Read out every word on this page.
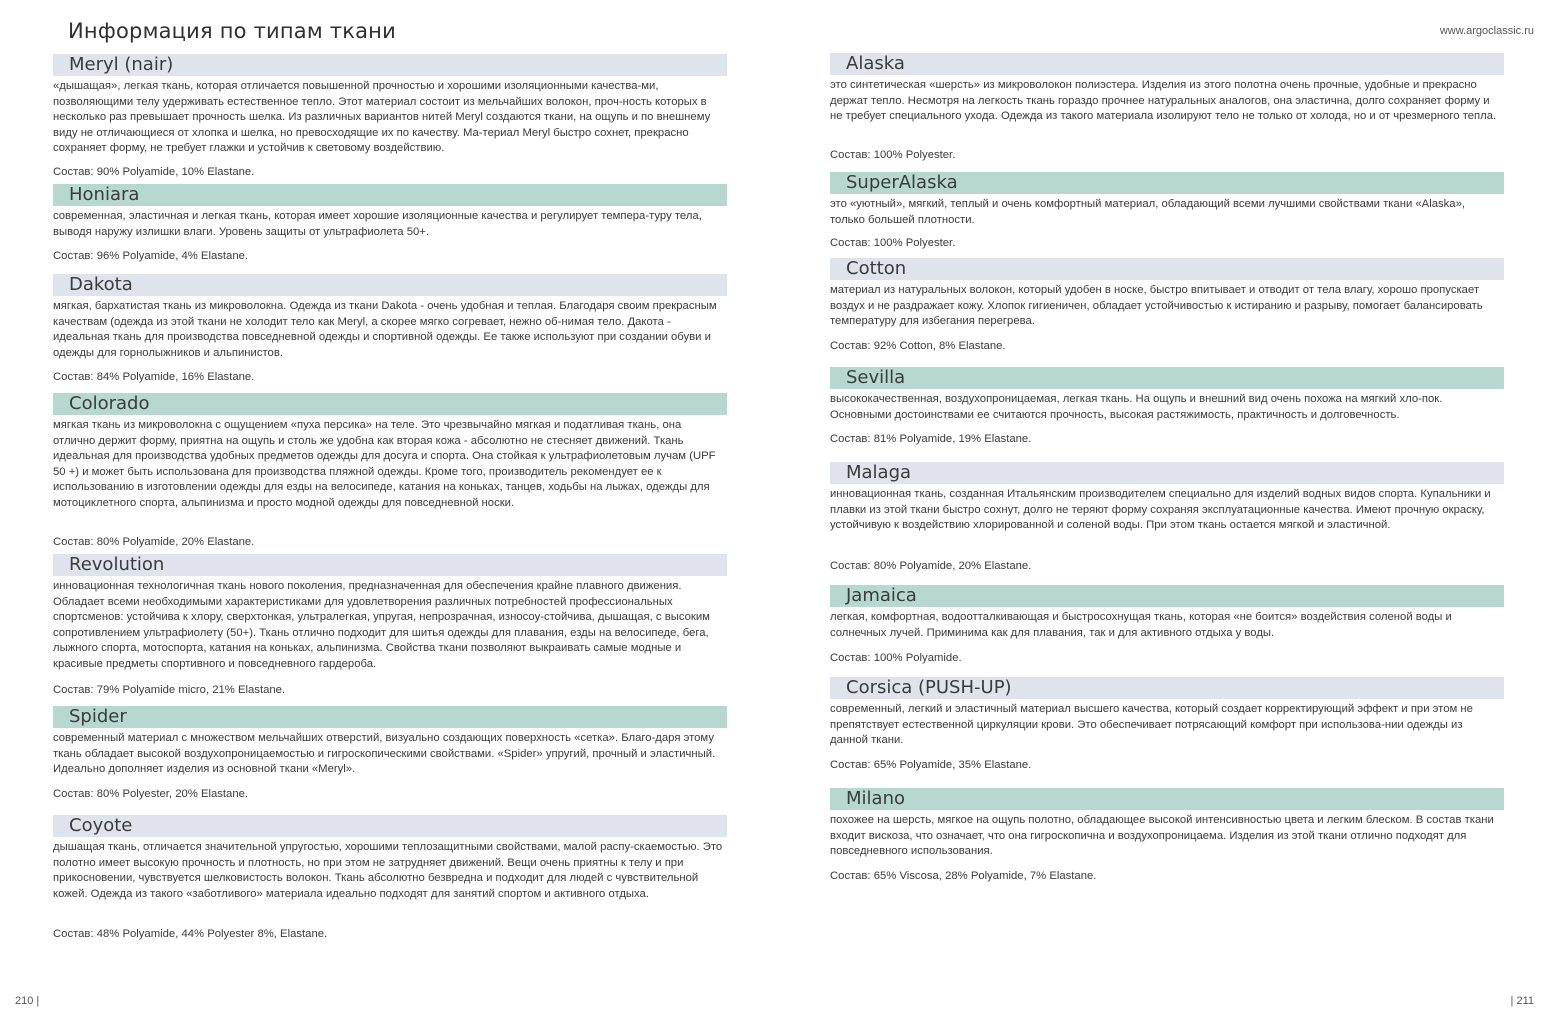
Информация по типам ткани	www.argoclassic.ru
Meryl (nair)
«дышащая», легкая ткань, которая отличается повышенной прочностью и хорошими изоляционными качества-ми, позволяющими телу удерживать естественное тепло. Этот материал состоит из мельчайших волокон, проч-ность которых в несколько раз превышает прочность шелка. Из различных вариантов нитей Meryl создаются ткани, на ощупь и по внешнему виду не отличающиеся от хлопка и шелка, но превосходящие их по качеству. Ма-териал Meryl быстро сохнет, прекрасно сохраняет форму, не требует глажки и устойчив к световому воздействию.
Состав: 90% Polyamide, 10% Elastane.
Honiara
современная, эластичная и легкая ткань, которая имеет хорошие изоляционные качества и регулирует темпера-туру тела, выводя наружу излишки влаги. Уровень защиты от ультрафиолета 50+.
Состав: 96% Polyamide, 4% Elastane.
Dakota
мягкая, бархатистая ткань из микроволокна. Одежда из ткани Dakota - очень удобная и теплая. Благодаря своим прекрасным качествам (одежда из этой ткани не холодит тело как Meryl, а скорее мягко согревает, нежно об-нимая тело. Дакота - идеальная ткань для производства повседневной одежды и спортивной одежды. Ее также используют при создании обуви и одежды для горнолыжников и альпинистов.
Состав: 84% Polyamide, 16% Elastane.
Colorado
мягкая ткань из микроволокна с ощущением «пуха персика» на теле. Это чрезвычайно мягкая и податливая ткань, она отлично держит форму, приятна на ощупь и столь же удобна как вторая кожа - абсолютно не стесняет движений. Ткань идеальная для производства удобных предметов одежды для досуга и спорта. Она стойкая к ультрафиолетовым лучам (UPF 50 +) и может быть использована для производства пляжной одежды. Кроме того, производитель рекомендует ее к использованию в изготовлении одежды для езды на велосипеде, катания на коньках, танцев, ходьбы на лыжах, одежды для мотоциклетного спорта, альпинизма и просто модной одежды для повседневной носки.
Состав: 80% Polyamide, 20% Elastane.
Revolution
инновационная технологичная ткань нового поколения, предназначенная для обеспечения крайне плавного движения. Обладает всеми необходимыми характеристиками для удовлетворения различных потребностей профессиональных спортсменов: устойчива к хлору, сверхтонкая, ультралегкая, упругая, непрозрачная, износоу-стойчива, дышащая, с высоким сопротивлением ультрафиолету (50+). Ткань отлично подходит для шитья одежды для плавания, езды на велосипеде, бега, лыжного спорта, мотоспорта, катания на коньках, альпинизма. Свойства ткани позволяют выкраивать самые модные и красивые предметы спортивного и повседневного гардероба.
Состав: 79% Polyamide micro, 21% Elastane.
Spider
современный материал с множеством мельчайших отверстий, визуально создающих поверхность «сетка». Благо-даря этому ткань обладает высокой воздухопроницаемостью и гигроскопическими свойствами. «Spider» упругий, прочный и эластичный. Идеально дополняет изделия из основной ткани «Meryl».
Состав: 80% Polyester, 20% Elastane.
Coyote
дышащая ткань, отличается значительной упругостью, хорошими теплозащитными свойствами, малой распу-скаемостью. Это полотно имеет высокую прочность и плотность, но при этом не затрудняет движений. Вещи очень приятны к телу и при прикосновении, чувствуется шелковистость волокон. Ткань абсолютно безвредна и подходит для людей с чувствительной кожей. Одежда из такого «заботливого» материала идеально подходят для занятий спортом и активного отдыха.
Состав: 48% Polyamide, 44% Polyester 8%, Elastane.
Alaska
это синтетическая «шерсть» из микроволокон полиэстера. Изделия из этого полотна очень прочные, удобные и прекрасно держат тепло. Несмотря на легкость ткань гораздо прочнее натуральных аналогов, она эластична, долго сохраняет форму и не требует специального ухода. Одежда из такого материала изолируют тело не только от холода, но и от чрезмерного тепла.
Состав: 100% Polyester.
SuperAlaska
это «уютный», мягкий, теплый и очень комфортный материал, обладающий всеми лучшими свойствами ткани «Alaska», только большей плотности.
Состав: 100% Polyester.
Cotton
материал из натуральных волокон, который удобен в носке, быстро впитывает и отводит от тела влагу, хорошо пропускает воздух и не раздражает кожу. Хлопок гигиеничен, обладает устойчивостью к истиранию и разрыву, помогает балансировать температуру для избегания перегрева.
Состав: 92% Cotton, 8% Elastane.
Sevilla
высококачественная, воздухопроницаемая, легкая ткань. На ощупь и внешний вид очень похожа на мягкий хло-пок. Основными достоинствами ее считаются прочность, высокая растяжимость, практичность и долговечность.
Состав: 81% Polyamide, 19% Elastane.
Malaga
инновационная ткань, созданная Итальянским производителем специально для изделий водных видов спорта. Купальники и плавки из этой ткани быстро сохнут, долго не теряют форму сохраняя эксплуатационные качества. Имеют прочную окраску, устойчивую к воздействию хлорированной и соленой воды. При этом ткань остается мягкой и эластичной.
Состав: 80% Polyamide, 20% Elastane.
Jamaica
легкая, комфортная, водоотталкивающая и быстросохнущая ткань, которая «не боится» воздействия соленой воды и солнечных лучей. Приминима как для плавания, так и для активного отдыха у воды.
Состав: 100% Polyamide.
Corsica (PUSH-UP)
современный, легкий и эластичный материал высшего качества, который создает корректирующий эффект и при этом не препятствует естественной циркуляции крови. Это обеспечивает потрясающий комфорт при использова-нии одежды из данной ткани.
Состав: 65% Polyamide, 35% Elastane.
Milano
похожее на шерсть, мягкое на ощупь полотно, обладающее высокой интенсивностью цвета и легким блеском. В состав ткани входит вискоза, что означает, что она гигроскопична и воздухопроницаема. Изделия из этой ткани отлично подходят для повседневного использования.
Состав: 65% Viscosa, 28% Polyamide, 7% Elastane.
210 |	| 211
